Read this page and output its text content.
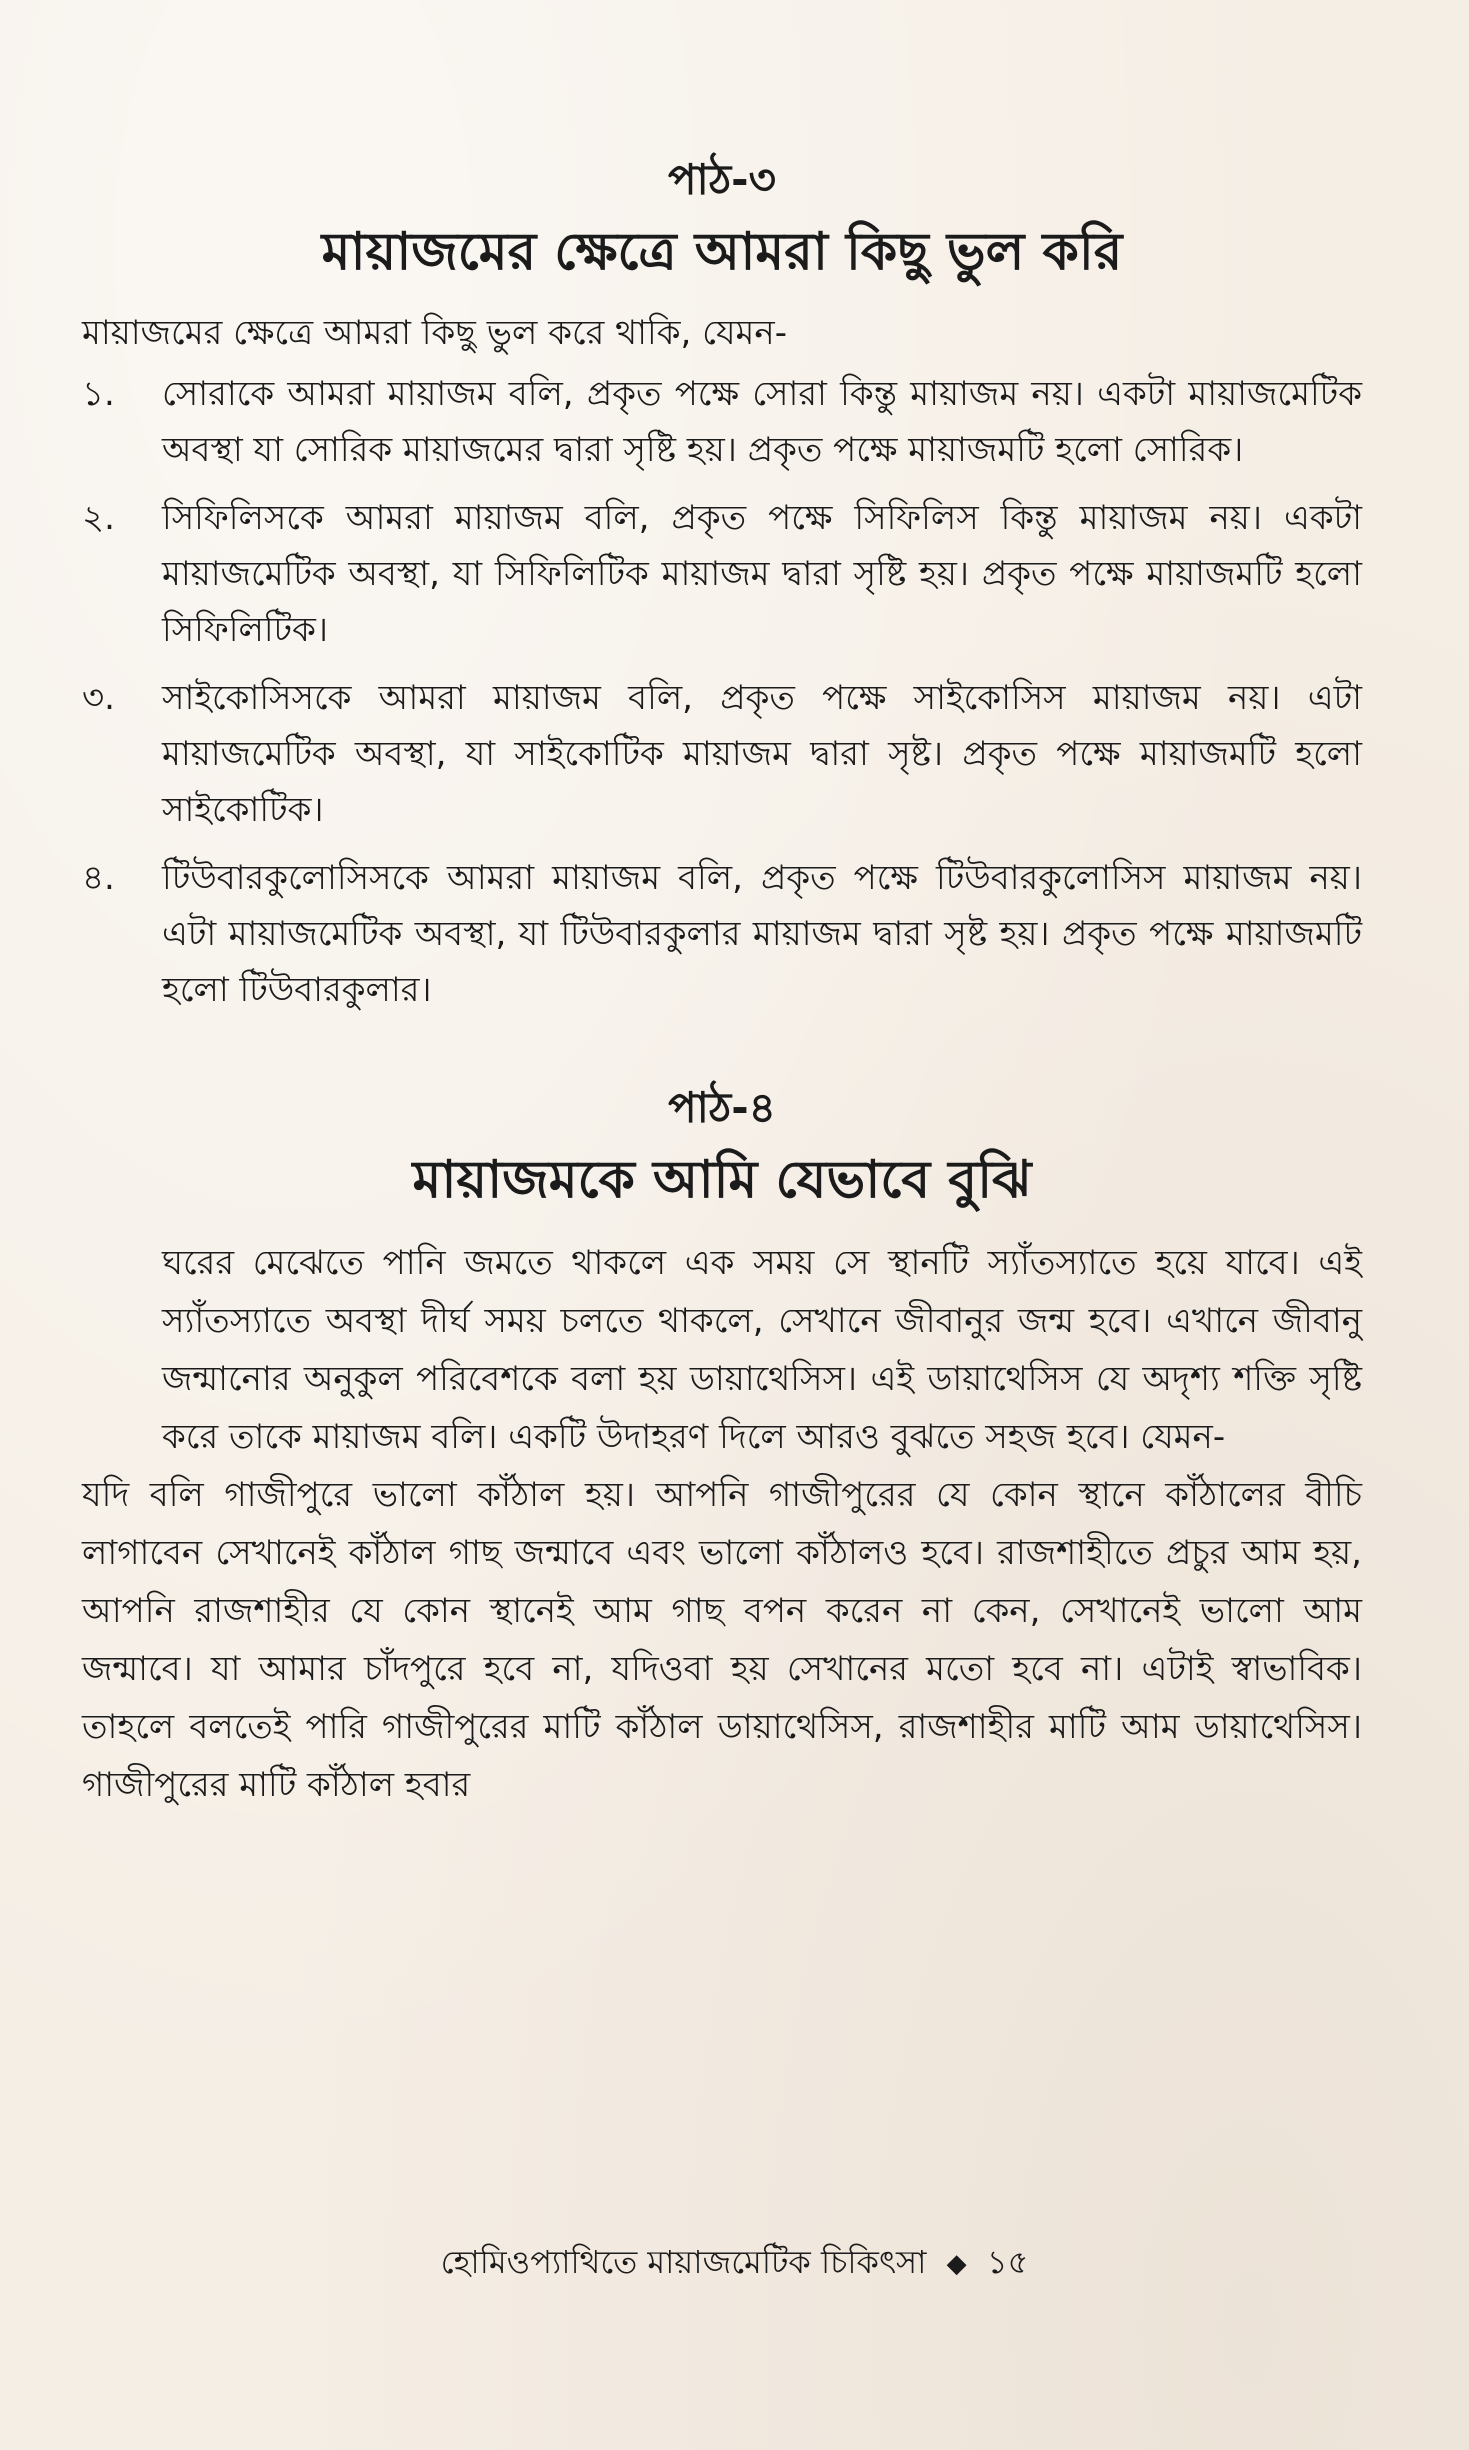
পাঠ-৩
মায়াজমের ক্ষেত্রে আমরা কিছু ভুল করি

মায়াজমের ক্ষেত্রে আমরা কিছু ভুল করে থাকি, যেমন-

১.	সোরাকে আমরা মায়াজম বলি, প্রকৃত পক্ষে সোরা কিন্তু মায়াজম নয়। একটা মায়াজমেটিক অবস্থা যা সোরিক মায়াজমের দ্বারা সৃষ্টি হয়। প্রকৃত পক্ষে মায়াজমটি হলো সোরিক।
২.	সিফিলিসকে আমরা মায়াজম বলি, প্রকৃত পক্ষে সিফিলিস কিন্তু মায়াজম নয়। একটা মায়াজমেটিক অবস্থা, যা সিফিলিটিক মায়াজম দ্বারা সৃষ্টি হয়। প্রকৃত পক্ষে মায়াজমটি হলো সিফিলিটিক।
৩.	সাইকোসিসকে আমরা মায়াজম বলি, প্রকৃত পক্ষে সাইকোসিস মায়াজম নয়। এটা মায়াজমেটিক অবস্থা, যা সাইকোটিক মায়াজম দ্বারা সৃষ্ট। প্রকৃত পক্ষে মায়াজমটি হলো সাইকোটিক।
৪.	টিউবারকুলোসিসকে আমরা মায়াজম বলি, প্রকৃত পক্ষে টিউবারকুলোসিস মায়াজম নয়। এটা মায়াজমেটিক অবস্থা, যা টিউবারকুলার মায়াজম দ্বারা সৃষ্ট হয়। প্রকৃত পক্ষে মায়াজমটি হলো টিউবারকুলার।
পাঠ-৪
মায়াজমকে আমি যেভাবে বুঝি

ঘরের মেঝেতে পানি জমতে থাকলে এক সময় সে স্থানটি স্যাঁতস্যাতে হয়ে যাবে। এই স্যাঁতস্যাতে অবস্থা দীর্ঘ সময় চলতে থাকলে, সেখানে জীবানুর জন্ম হবে। এখানে জীবানু জন্মানোর অনুকুল পরিবেশকে বলা হয় ডায়াথেসিস। এই ডায়াথেসিস যে অদৃশ্য শক্তি সৃষ্টি করে তাকে মায়াজম বলি। একটি উদাহরণ দিলে আরও বুঝতে সহজ হবে। যেমন-

যদি বলি গাজীপুরে ভালো কাঁঠাল হয়। আপনি গাজীপুরের যে কোন স্থানে কাঁঠালের বীচি লাগাবেন সেখানেই কাঁঠাল গাছ জন্মাবে এবং ভালো কাঁঠালও হবে। রাজশাহীতে প্রচুর আম হয়, আপনি রাজশাহীর যে কোন স্থানেই আম গাছ বপন করেন না কেন, সেখানেই ভালো আম জন্মাবে। যা আমার চাঁদপুরে হবে না, যদিওবা হয় সেখানের মতো হবে না। এটাই স্বাভাবিক। তাহলে বলতেই পারি গাজীপুরের মাটি কাঁঠাল ডায়াথেসিস, রাজশাহীর মাটি আম ডায়াথেসিস। গাজীপুরের মাটি কাঁঠাল হবার

হোমিওপ্যাথিতে মায়াজমেটিক চিকিৎসা ◆ ১৫
